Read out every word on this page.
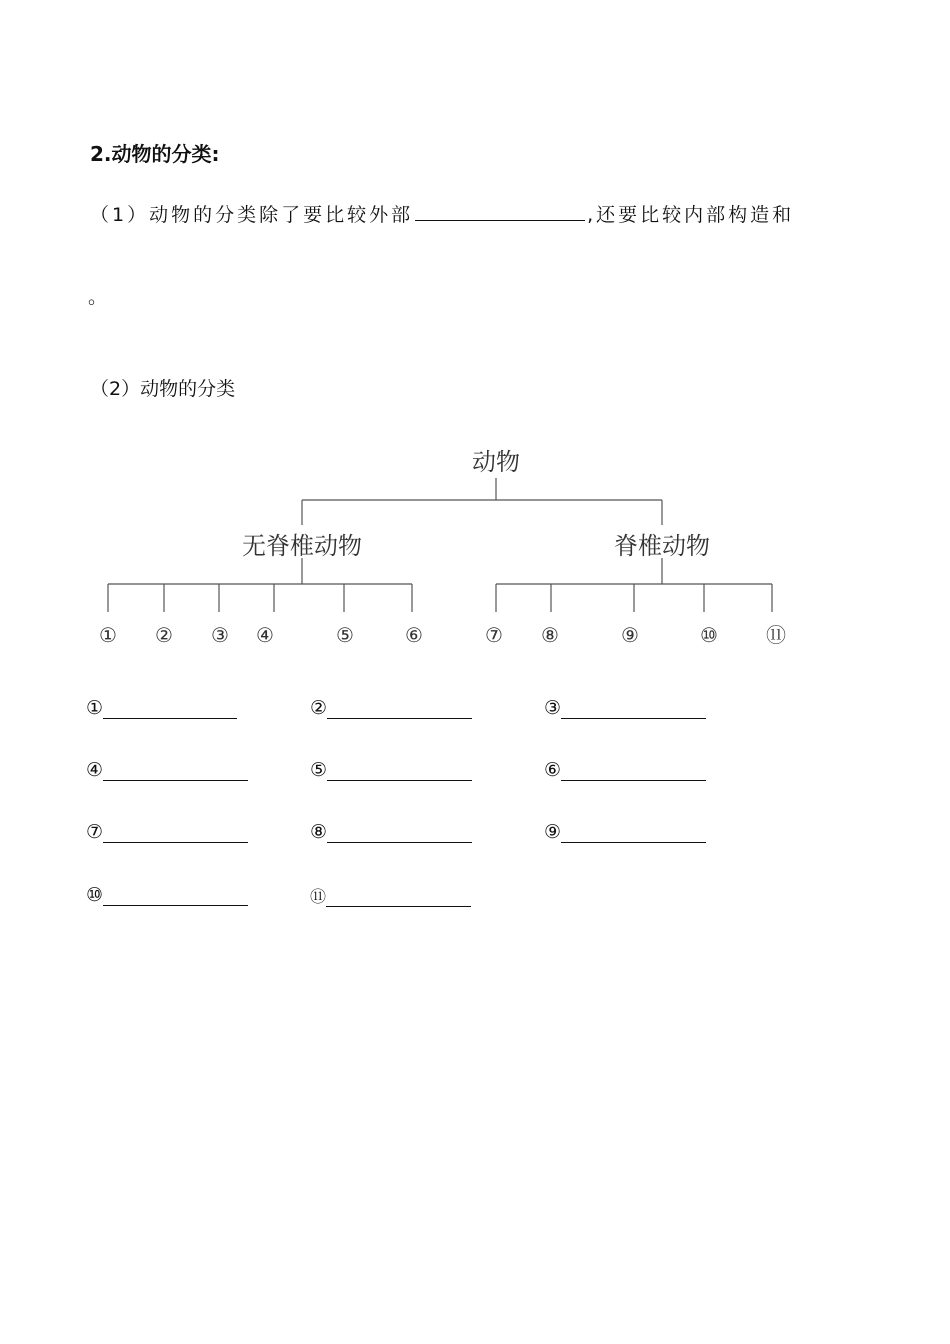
2.动物的分类:
（1）动物的分类除了要比较外部	,还要比较内部构造和
。
（2）动物的分类
动物
无脊椎动物	脊椎动物
① ② ③ ④	⑤	⑥	⑦ ⑧	⑨	⑩ ⑪
①	②	③
④	⑤	⑥
⑦	⑧	⑨
⑩	⑪
